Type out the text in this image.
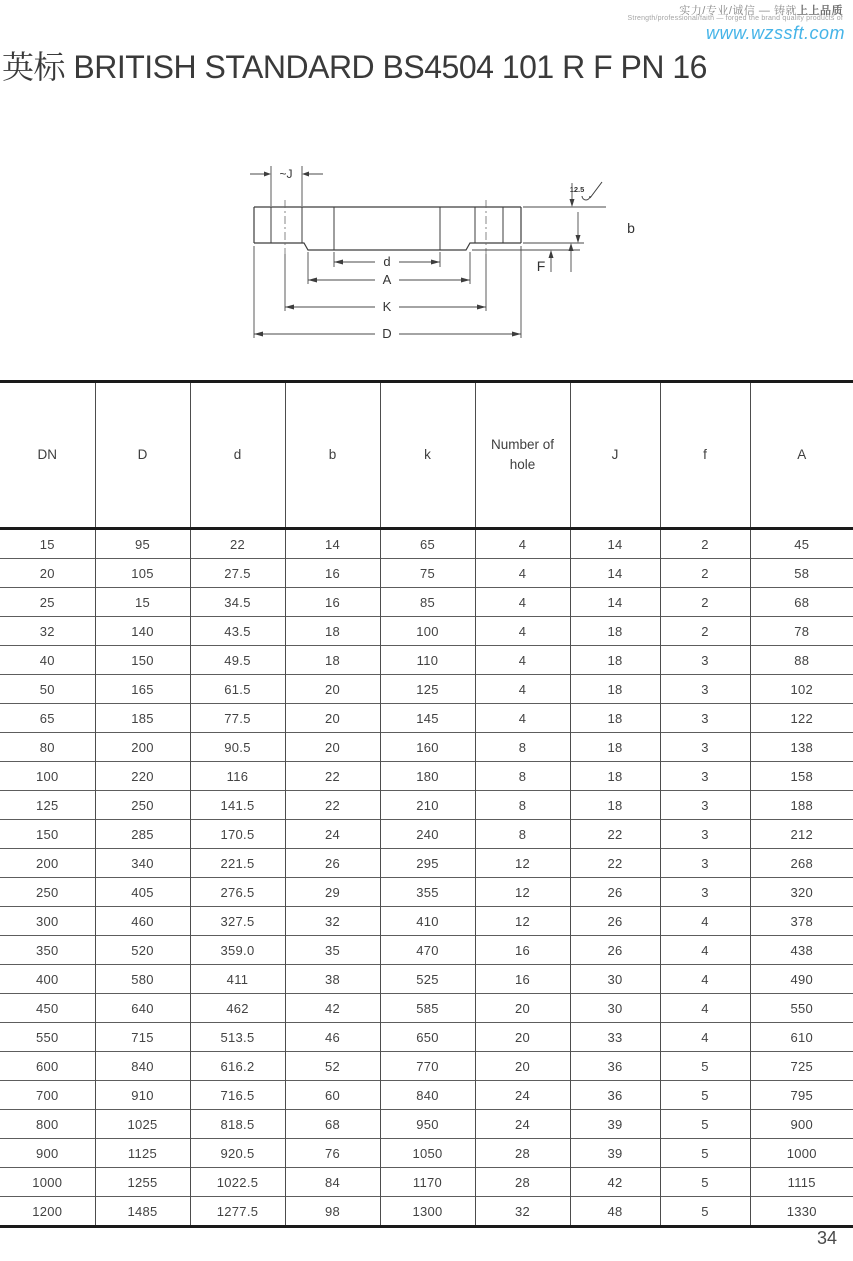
实力/专业/诚信 — 铸就上上品质
Strength/professional/faith — forged the brand quality products of
www.wzssft.com
英标 BRITISH STANDARD BS4504 101 R F PN 16
~J
d
A
K
D
b
F
12.5
DN	D	d	b	k	Number of hole	J	f	A
15	95	22	14	65	4	14	2	45
20	105	27.5	16	75	4	14	2	58
25	15	34.5	16	85	4	14	2	68
32	140	43.5	18	100	4	18	2	78
40	150	49.5	18	110	4	18	3	88
50	165	61.5	20	125	4	18	3	102
65	185	77.5	20	145	4	18	3	122
80	200	90.5	20	160	8	18	3	138
100	220	116	22	180	8	18	3	158
125	250	141.5	22	210	8	18	3	188
150	285	170.5	24	240	8	22	3	212
200	340	221.5	26	295	12	22	3	268
250	405	276.5	29	355	12	26	3	320
300	460	327.5	32	410	12	26	4	378
350	520	359.0	35	470	16	26	4	438
400	580	411	38	525	16	30	4	490
450	640	462	42	585	20	30	4	550
550	715	513.5	46	650	20	33	4	610
600	840	616.2	52	770	20	36	5	725
700	910	716.5	60	840	24	36	5	795
800	1025	818.5	68	950	24	39	5	900
900	1125	920.5	76	1050	28	39	5	1000
1000	1255	1022.5	84	1170	28	42	5	1115
1200	1485	1277.5	98	1300	32	48	5	1330
34
